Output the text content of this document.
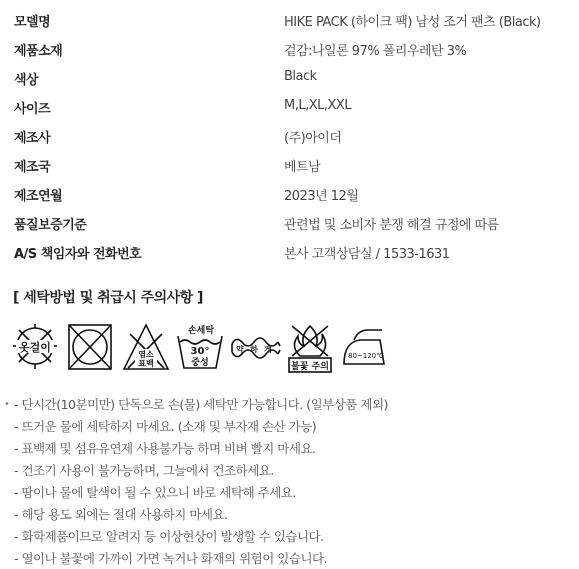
모델명	HIKE PACK (하이크 팩) 남성 조거 팬츠 (Black)
제품소재	겉감:나일론 97% 폴리우레탄 3%
색상	Black
사이즈	M,L,XL,XXL
제조사	(주)아이더
제조국	베트남
제조연월	2023년 12월
품질보증기준	관련법 및 소비자 분쟁 해결 규정에 따름
A/S 책임자와 전화번호	본사 고객상담실 / 1533-1631
[ 세탁방법 및 취급시 주의사항 ]
옷걸이
염소
표백
손세탁
30°
중성
약 하 게
불꽃 주의
80~120℃
• - 단시간(10분미만) 단독으로 손(물) 세탁만 가능합니다. (일부상품 제외)
- 뜨거운 물에 세탁하지 마세요. (소재 및 부자재 손산 가능)
- 표백제 및 섬유유연제 사용불가능 하며 비벼 빨지 마세요.
- 건조기 사용이 불가능하며, 그늘에서 건조하세요.
- 땀이나 물에 탈색이 될 수 있으니 바로 세탁해 주세요.
- 해당 용도 외에는 절대 사용하지 마세요.
- 화학제품이므로 알려지 등 이상현상이 발생할 수 있습니다.
- 열이나 불꽃에 가까이 가면 녹거나 화재의 위험이 있습니다.
